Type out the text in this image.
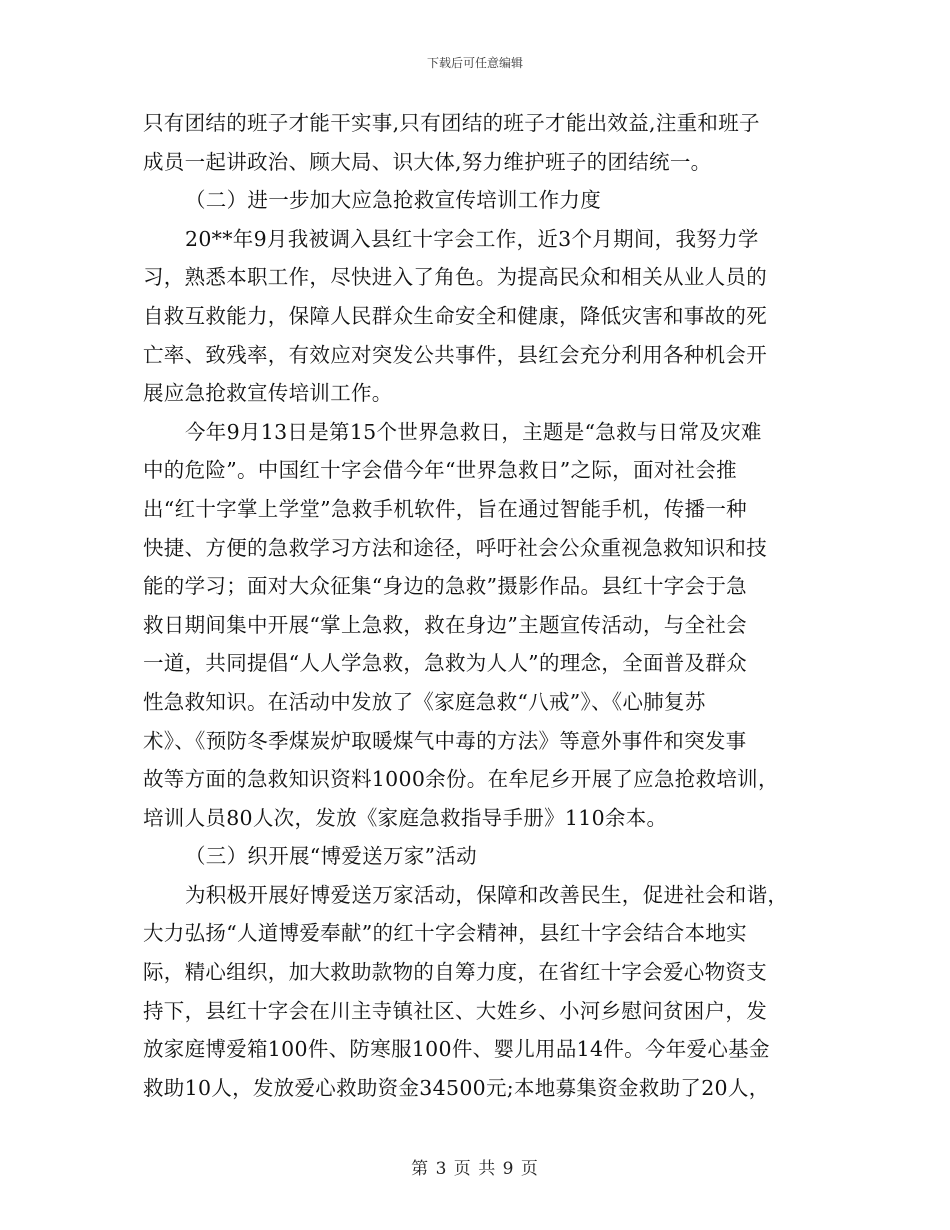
下载后可任意编辑
只有团结的班子才能干实事,只有团结的班子才能出效益,注重和班子
成员一起讲政治、顾大局、识大体,努力维护班子的团结统一。
（二）进一步加大应急抢救宣传培训工作力度
20**年9月我被调入县红十字会工作，近3个月期间，我努力学
习，熟悉本职工作，尽快进入了角色。为提高民众和相关从业人员的
自救互救能力，保障人民群众生命安全和健康，降低灾害和事故的死
亡率、致残率，有效应对突发公共事件，县红会充分利用各种机会开
展应急抢救宣传培训工作。
今年9月13日是第15个世界急救日，主题是“急救与日常及灾难
中的危险”。中国红十字会借今年“世界急救日”之际，面对社会推
出“红十字掌上学堂”急救手机软件，旨在通过智能手机，传播一种
快捷、方便的急救学习方法和途径，呼吁社会公众重视急救知识和技
能的学习；面对大众征集“身边的急救”摄影作品。县红十字会于急
救日期间集中开展“掌上急救，救在身边”主题宣传活动，与全社会
一道，共同提倡“人人学急救，急救为人人”的理念，全面普及群众
性急救知识。在活动中发放了《家庭急救“八戒”》、《心肺复苏
术》、《预防冬季煤炭炉取暖煤气中毒的方法》等意外事件和突发事
故等方面的急救知识资料1000余份。在牟尼乡开展了应急抢救培训，
培训人员80人次，发放《家庭急救指导手册》110余本。
（三）织开展“博爱送万家”活动
为积极开展好博爱送万家活动，保障和改善民生，促进社会和谐，
大力弘扬“人道博爱奉献”的红十字会精神，县红十字会结合本地实
际，精心组织，加大救助款物的自筹力度，在省红十字会爱心物资支
持下，县红十字会在川主寺镇社区、大姓乡、小河乡慰问贫困户，发
放家庭博爱箱100件、防寒服100件、婴儿用品14件。今年爱心基金
救助10人，发放爱心救助资金34500元;本地募集资金救助了20人，
第 3 页 共 9 页
